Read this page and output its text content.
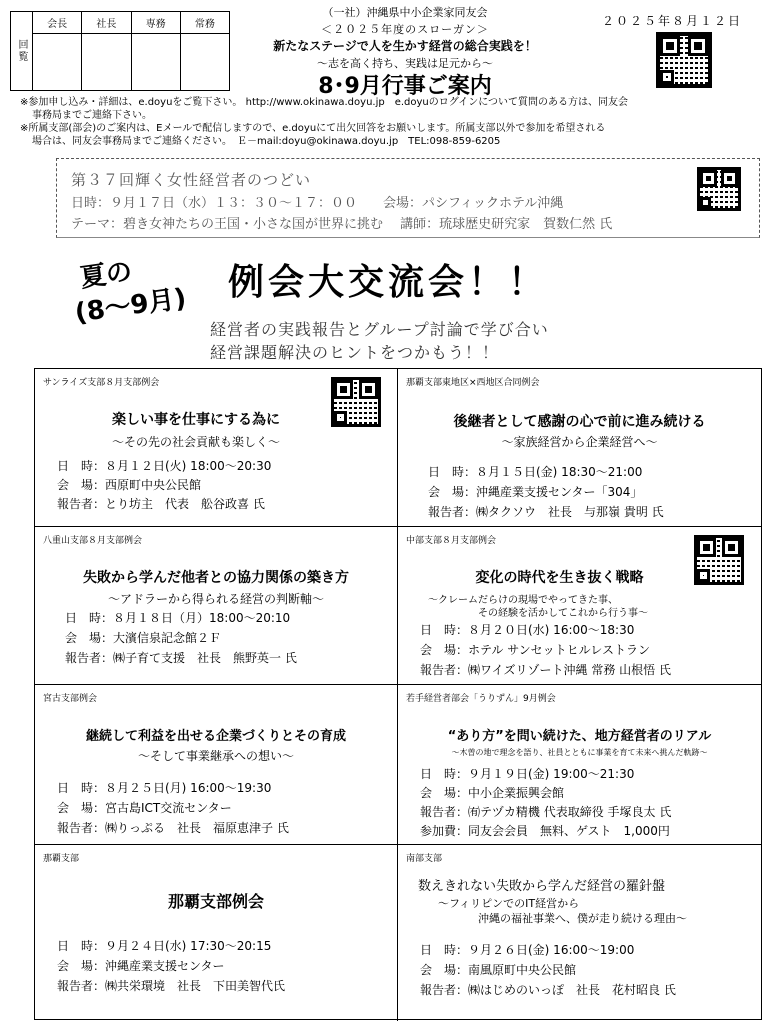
回覧
会長	社長	専務	常務
（一社）沖縄県中小企業家同友会
＜２０２５年度のスローガン＞
新たなステージで人を生かす経営の総合実践を！
～志を高く持ち、実践は足元から～
8･9月行事ご案内
２０２５年８月１２日
※参加申し込み・詳細は、e.doyuをご覧下さい。 http://www.okinawa.doyu.jp　e.doyuのログインについて質問のある方は、同友会
事務局までご連絡下さい。
※所属支部(部会)のご案内は、Eメールで配信しますので、e.doyuにて出欠回答をお願いします。所属支部以外で参加を希望される
場合は、同友会事務局までご連絡ください。　Ｅ－mail:doyu@okinawa.doyu.jp　TEL:098-859-6205
第３７回輝く女性経営者のつどい
日時：９月１７日（水）１３：３０～１７：００　　会場：パシフィックホテル沖縄
テーマ：碧き女神たちの王国・小さな国が世界に挑む　 講師：琉球歴史研究家　賀数仁然 氏
夏の
(8～9月)
例会大交流会！！
経営者の実践報告とグループ討論で学び合い
経営課題解決のヒントをつかもう！！
サンライズ支部８月支部例会
楽しい事を仕事にする為に
～その先の社会貢献も楽しく～
日　時：８月１２日(火) 18:00～20:30
会　場：西原町中央公民館
報告者：とり坊主　代表　舩谷政喜 氏
那覇支部東地区×西地区合同例会
後継者として感謝の心で前に進み続ける
～家族経営から企業経営へ～
日　時：８月１５日(金) 18:30～21:00
会　場：沖縄産業支援センター「304」
報告者：㈱タクソウ　社長　与那嶺 貴明 氏
八重山支部８月支部例会
失敗から学んだ他者との協力関係の築き方
～アドラーから得られる経営の判断軸～
日　時：８月１８日（月）18:00～20:10
会　場：大濱信泉記念館２Ｆ
報告者：㈱子育て支援　社長　熊野英一 氏
中部支部８月支部例会
変化の時代を生き抜く戦略
～クレームだらけの現場でやってきた事、
その経験を活かしてこれから行う事～
日　時：８月２０日(水) 16:00～18:30
会　場：ホテル サンセットヒルレストラン
報告者：㈱ワイズリゾート沖縄 常務 山根悟 氏
宮古支部例会
継続して利益を出せる企業づくりとその育成
～そして事業継承への想い～
日　時：８月２５日(月) 16:00～19:30
会　場：宮古島ICT交流センター
報告者：㈱りっぷる　社長　福原恵津子 氏
若手経営者部会「うりずん」9月例会
“あり方”を問い続けた、地方経営者のリアル
～木曽の地で理念を語り、社員とともに事業を育て未来へ挑んだ軌跡～
日　時：９月１９日(金) 19:00～21:30
会　場：中小企業振興会館
報告者：㈲テヅカ精機 代表取締役 手塚良太 氏
参加費：同友会会員　無料、ゲスト　1,000円
那覇支部
那覇支部例会
日　時：９月２４日(水) 17:30～20:15
会　場：沖縄産業支援センター
報告者：㈱共栄環境　社長　下田美智代氏
南部支部
数えきれない失敗から学んだ経営の羅針盤
～フィリピンでのIT経営から
沖縄の福祉事業へ、僕が走り続ける理由～
日　時：９月２６日(金) 16:00～19:00
会　場：南風原町中央公民館
報告者：㈱はじめのいっぽ　社長　花村昭良 氏
